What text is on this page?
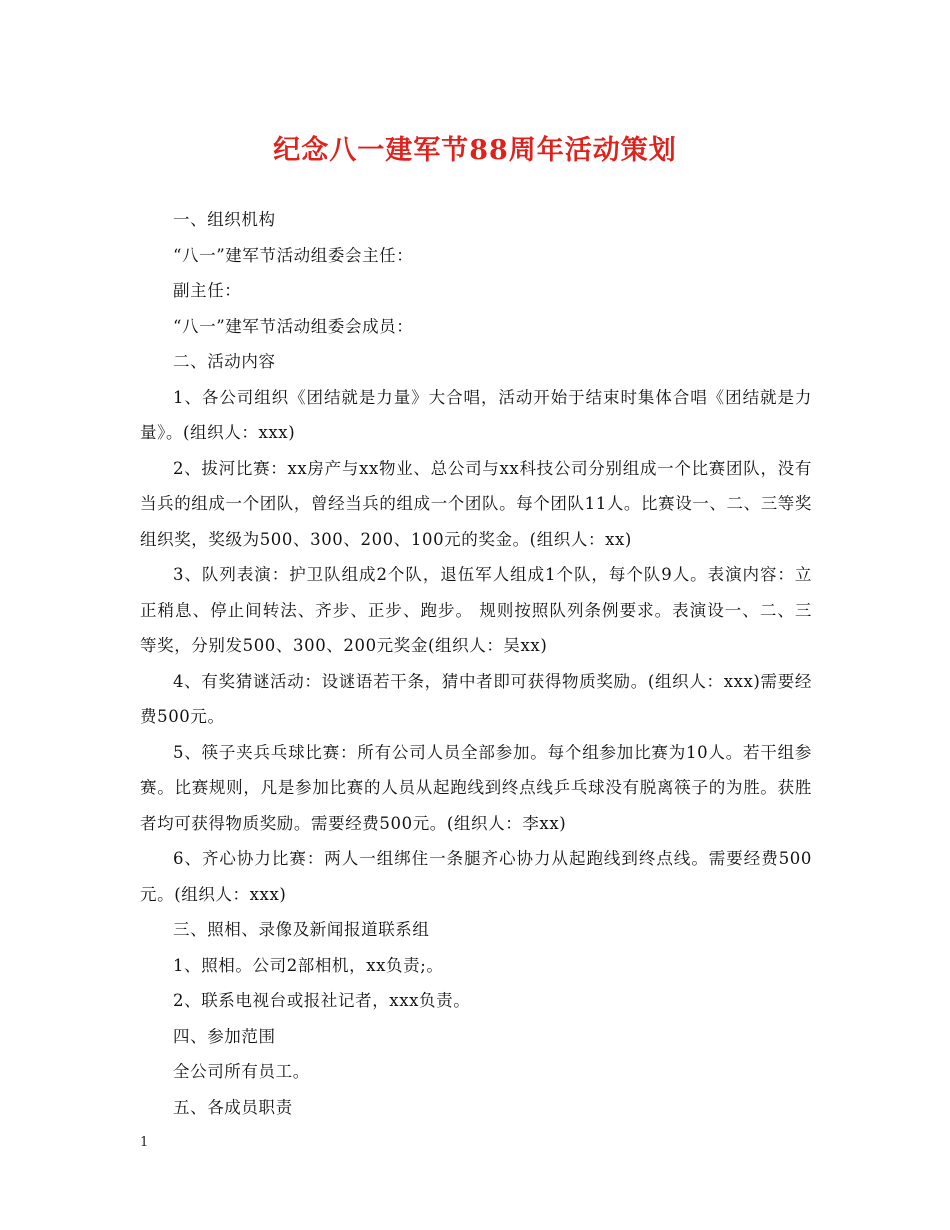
纪念八一建军节88周年活动策划

一、组织机构

“八一”建军节活动组委会主任：

副主任：

“八一”建军节活动组委会成员：

二、活动内容

1、各公司组织《团结就是力量》大合唱，活动开始于结束时集体合唱《团结就是力量》。(组织人：xxx)

2、拔河比赛：xx房产与xx物业、总公司与xx科技公司分别组成一个比赛团队，没有当兵的组成一个团队，曾经当兵的组成一个团队。每个团队11人。比赛设一、二、三等奖组织奖，奖级为500、300、200、100元的奖金。(组织人：xx)

3、队列表演：护卫队组成2个队，退伍军人组成1个队，每个队9人。表演内容：立正稍息、停止间转法、齐步、正步、跑步。 规则按照队列条例要求。表演设一、二、三等奖，分别发500、300、200元奖金(组织人：吴xx)

4、有奖猜谜活动：设谜语若干条，猜中者即可获得物质奖励。(组织人：xxx)需要经费500元。

5、筷子夹兵乓球比赛：所有公司人员全部参加。每个组参加比赛为10人。若干组参赛。比赛规则，凡是参加比赛的人员从起跑线到终点线乒乓球没有脱离筷子的为胜。获胜者均可获得物质奖励。需要经费500元。(组织人：李xx)

6、齐心协力比赛：两人一组绑住一条腿齐心协力从起跑线到终点线。需要经费500元。(组织人：xxx)

三、照相、录像及新闻报道联系组

1、照相。公司2部相机，xx负责;。

2、联系电视台或报社记者，xxx负责。

四、参加范围

全公司所有员工。

五、各成员职责

1
